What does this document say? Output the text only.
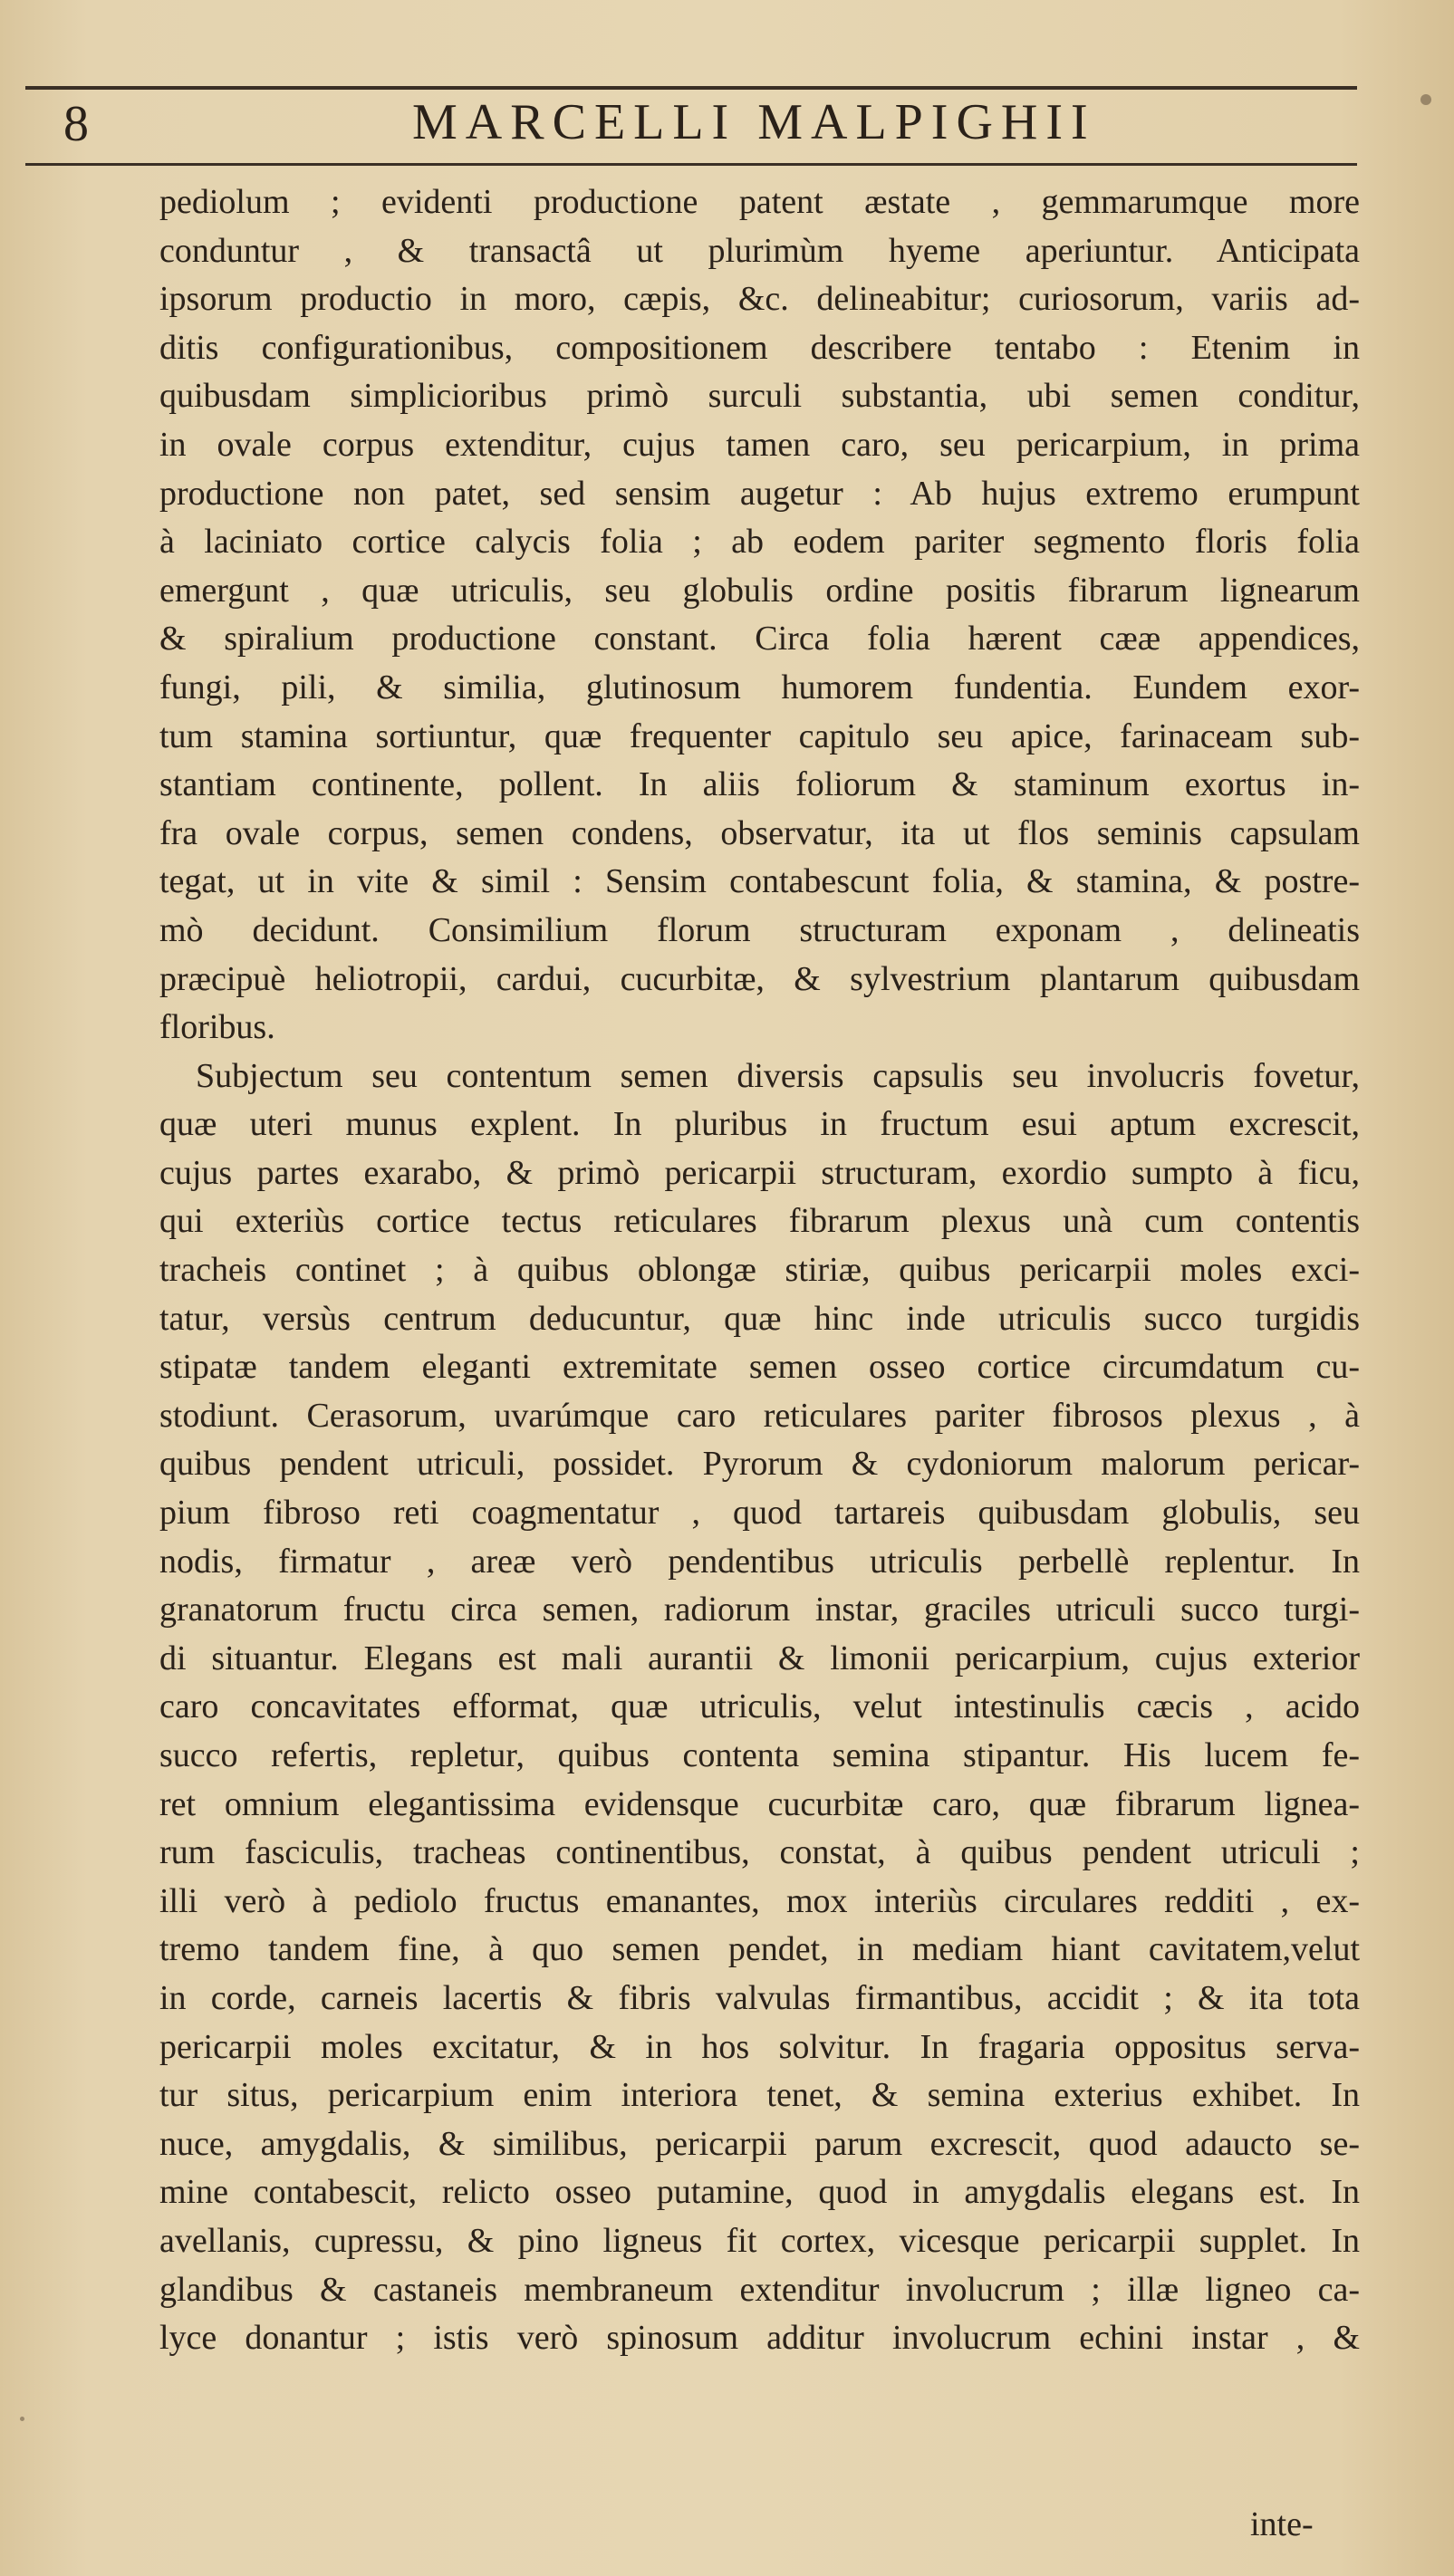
8	MARCELLI MALPIGHII
pediolum ; evidenti productione patent æstate , gemmarumque more
conduntur , & transactâ ut plurimùm hyeme aperiuntur. Anticipata
ipsorum productio in moro, cæpis, &c. delineabitur; curiosorum, variis ad-
ditis configurationibus, compositionem describere tentabo : Etenim in
quibusdam simplicioribus primò surculi substantia, ubi semen conditur,
in ovale corpus extenditur, cujus tamen caro, seu pericarpium, in prima
productione non patet, sed sensim augetur : Ab hujus extremo erumpunt
à laciniato cortice calycis folia ; ab eodem pariter segmento floris folia
emergunt , quæ utriculis, seu globulis ordine positis fibrarum lignearum
& spiralium productione constant. Circa folia hærent cææ appendices,
fungi, pili, & similia, glutinosum humorem fundentia. Eundem exor-
tum stamina sortiuntur, quæ frequenter capitulo seu apice, farinaceam sub-
stantiam continente, pollent. In aliis foliorum & staminum exortus in-
fra ovale corpus, semen condens, observatur, ita ut flos seminis capsulam
tegat, ut in vite & simil : Sensim contabescunt folia, & stamina, & postre-
mò decidunt. Consimilium florum structuram exponam , delineatis
præcipuè heliotropii, cardui, cucurbitæ, & sylvestrium plantarum quibusdam
floribus.
Subjectum seu contentum semen diversis capsulis seu involucris fovetur,
quæ uteri munus explent. In pluribus in fructum esui aptum excrescit,
cujus partes exarabo, & primò pericarpii structuram, exordio sumpto à ficu,
qui exteriùs cortice tectus reticulares fibrarum plexus unà cum contentis
tracheis continet ; à quibus oblongæ stiriæ, quibus pericarpii moles exci-
tatur, versùs centrum deducuntur, quæ hinc inde utriculis succo turgidis
stipatæ tandem eleganti extremitate semen osseo cortice circumdatum cu-
stodiunt. Cerasorum, uvarúmque caro reticulares pariter fibrosos plexus , à
quibus pendent utriculi, possidet. Pyrorum & cydoniorum malorum pericar-
pium fibroso reti coagmentatur , quod tartareis quibusdam globulis, seu
nodis, firmatur , areæ verò pendentibus utriculis perbellè replentur. In
granatorum fructu circa semen, radiorum instar, graciles utriculi succo turgi-
di situantur. Elegans est mali aurantii & limonii pericarpium, cujus exterior
caro concavitates efformat, quæ utriculis, velut intestinulis cæcis , acido
succo refertis, repletur, quibus contenta semina stipantur. His lucem fe-
ret omnium elegantissima evidensque cucurbitæ caro, quæ fibrarum lignea-
rum fasciculis, tracheas continentibus, constat, à quibus pendent utriculi ;
illi verò à pediolo fructus emanantes, mox interiùs circulares redditi , ex-
tremo tandem fine, à quo semen pendet, in mediam hiant cavitatem,velut
in corde, carneis lacertis & fibris valvulas firmantibus, accidit ; & ita tota
pericarpii moles excitatur, & in hos solvitur. In fragaria oppositus serva-
tur situs, pericarpium enim interiora tenet, & semina exterius exhibet. In
nuce, amygdalis, & similibus, pericarpii parum excrescit, quod adaucto se-
mine contabescit, relicto osseo putamine, quod in amygdalis elegans est. In
avellanis, cupressu, & pino ligneus fit cortex, vicesque pericarpii supplet. In
glandibus & castaneis membraneum extenditur involucrum ; illæ ligneo ca-
lyce donantur ; istis verò spinosum additur involucrum echini instar , &
inte-
